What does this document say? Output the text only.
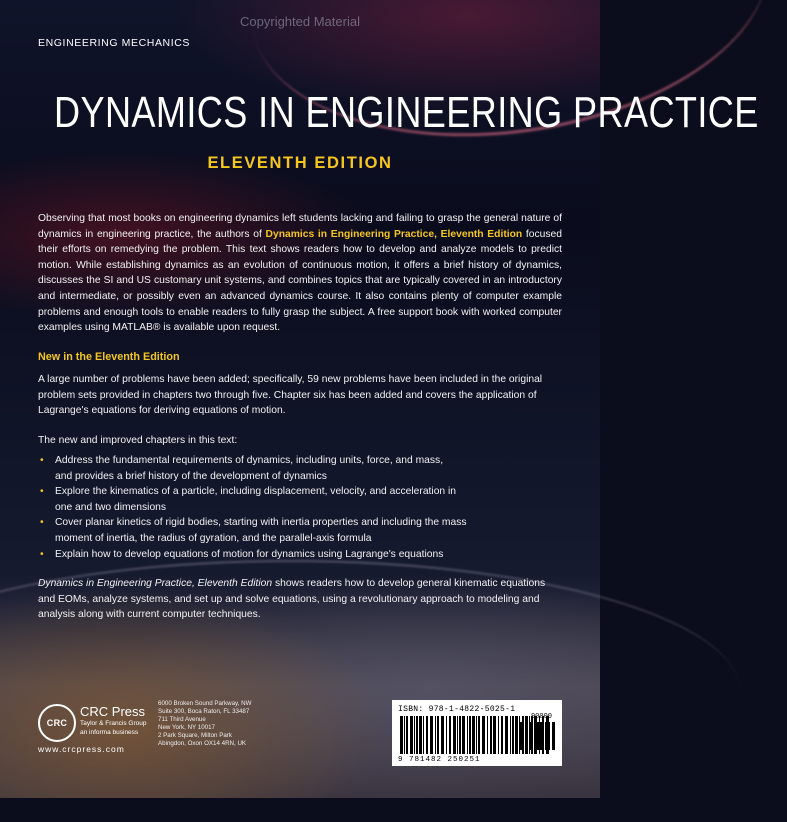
Copyrighted Material
ENGINEERING MECHANICS
DYNAMICS IN ENGINEERING PRACTICE
ELEVENTH EDITION
Observing that most books on engineering dynamics left students lacking and failing to grasp the general nature of dynamics in engineering practice, the authors of Dynamics in Engineering Practice, Eleventh Edition focused their efforts on remedying the problem. This text shows readers how to develop and analyze models to predict motion. While establishing dynamics as an evolution of continuous motion, it offers a brief history of dynamics, discusses the SI and US customary unit systems, and combines topics that are typically covered in an introductory and intermediate, or possibly even an advanced dynamics course. It also contains plenty of computer example problems and enough tools to enable readers to fully grasp the subject. A free support book with worked computer examples using MATLAB® is available upon request.
New in the Eleventh Edition
A large number of problems have been added; specifically, 59 new problems have been included in the original problem sets provided in chapters two through five. Chapter six has been added and covers the application of Lagrange's equations for deriving equations of motion.
The new and improved chapters in this text:
• Address the fundamental requirements of dynamics, including units, force, and mass,
and provides a brief history of the development of dynamics
• Explore the kinematics of a particle, including displacement, velocity, and acceleration in
one and two dimensions
• Cover planar kinetics of rigid bodies, starting with inertia properties and including the mass
moment of inertia, the radius of gyration, and the parallel-axis formula
• Explain how to develop equations of motion for dynamics using Lagrange's equations
Dynamics in Engineering Practice, Eleventh Edition shows readers how to develop general kinematic equations and EOMs, analyze systems, and set up and solve equations, using a revolutionary approach to modeling and analysis along with current computer techniques.
CRC
CRC Press
Taylor & Francis Group
an informa business
www.crcpress.com
6000 Broken Sound Parkway, NW
Suite 300, Boca Raton, FL 33487
711 Third Avenue
New York, NY 10017
2 Park Square, Milton Park
Abingdon, Oxon OX14 4RN, UK
ISBN: 978-1-4822-5025-1
90000
9 781482 250251
